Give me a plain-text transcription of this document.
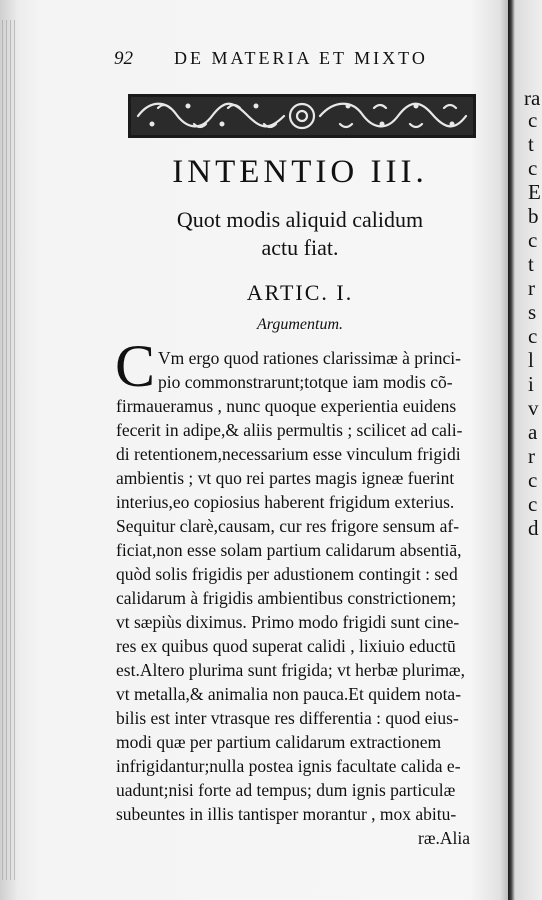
92 DE MATERIA ET MIXTO
INTENTIO III.
Quot modis aliquid calidum
actu fiat.
ARTIC. I.
Argumentum.
C Vm ergo quod rationes clarissimæ à princi-
pio commonstrarunt;totque iam modis cõ-
firmaueramus , nunc quoque experientia euidens
fecerit in adipe,& aliis permultis ; scilicet ad cali-
di retentionem,necessarium esse vinculum frigidi
ambientis ; vt quo rei partes magis igneæ fuerint
interius,eo copiosius haberent frigidum exterius.
Sequitur clarè,causam, cur res frigore sensum af-
ficiat,non esse solam partium calidarum absentiā,
quòd solis frigidis per adustionem contingit : sed
calidarum à frigidis ambientibus constrictionem;
vt sæpiùs diximus. Primo modo frigidi sunt cine-
res ex quibus quod superat calidi , lixiuio eductū
est.Altero plurima sunt frigida; vt herbæ plurimæ,
vt metalla,& animalia non pauca.Et quidem nota-
bilis est inter vtrasque res differentia : quod eius-
modi quæ per partium calidarum extractionem
infrigidantur;nulla postea ignis facultate calida e-
uadunt;nisi forte ad tempus; dum ignis particulæ
subeuntes in illis tantisper morantur , mox abitu-
ræ.Alia
ra
c
t
c
E
b
c
t
r
s
c
l
i
v
a
r
c
c
d
